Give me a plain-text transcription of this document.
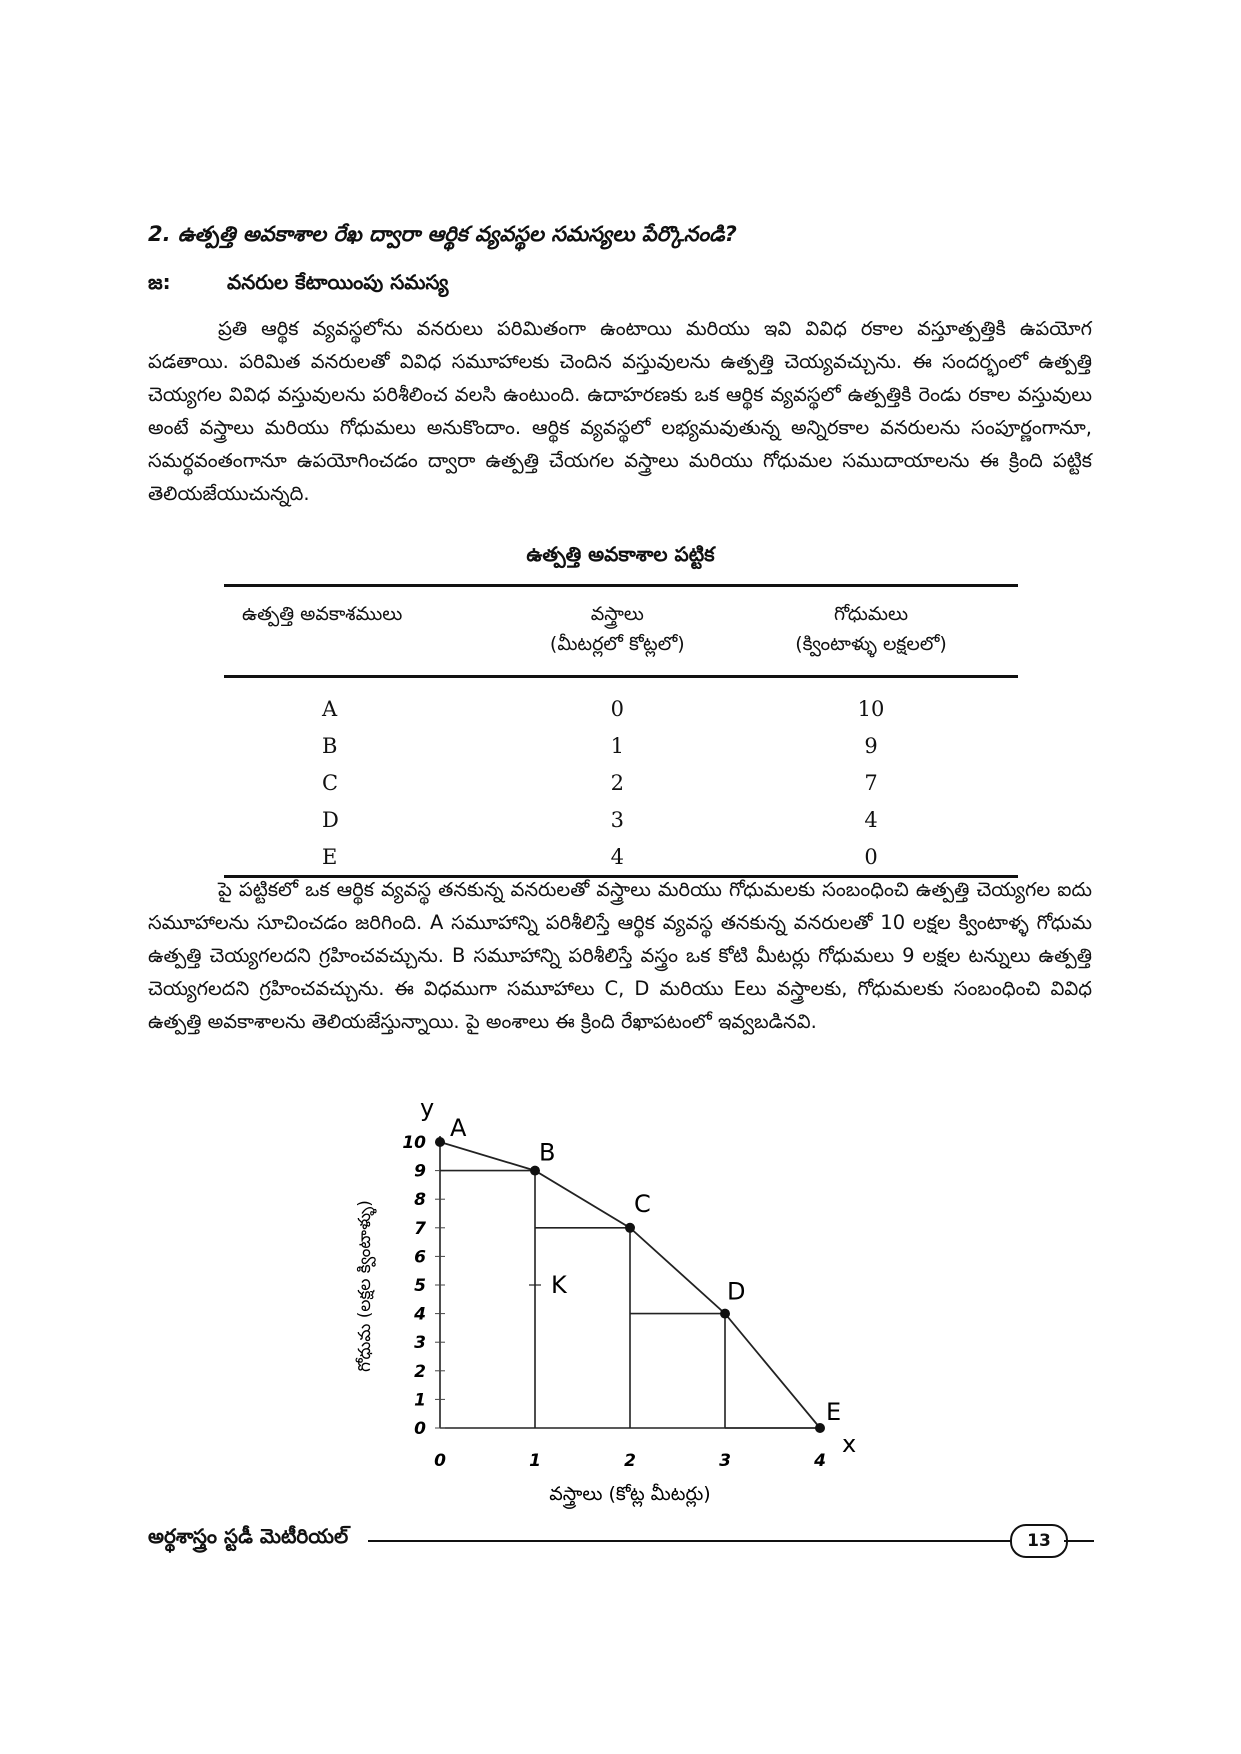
2. ఉత్పత్తి అవకాశాల రేఖ ద్వారా ఆర్థిక వ్యవస్థల సమస్యలు పేర్కొనండి?
జ:	వనరుల కేటాయింపు సమస్య

ప్రతి ఆర్థిక వ్యవస్థలోను వనరులు పరిమితంగా ఉంటాయి మరియు ఇవి వివిధ రకాల వస్తూత్పత్తికి ఉపయోగ పడతాయి. పరిమిత వనరులతో వివిధ సమూహాలకు చెందిన వస్తువులను ఉత్పత్తి చెయ్యవచ్చును. ఈ సందర్భంలో ఉత్పత్తి చెయ్యగల వివిధ వస్తువులను పరిశీలించ వలసి ఉంటుంది. ఉదాహరణకు ఒక ఆర్థిక వ్యవస్థలో ఉత్పత్తికి రెండు రకాల వస్తువులు అంటే వస్త్రాలు మరియు గోధుమలు అనుకొందాం. ఆర్థిక వ్యవస్థలో లభ్యమవుతున్న అన్నిరకాల వనరులను సంపూర్ణంగానూ, సమర్థవంతంగానూ ఉపయోగించడం ద్వారా ఉత్పత్తి చేయగల వస్త్రాలు మరియు గోధుమల సముదాయాలను ఈ క్రింది పట్టిక తెలియజేయుచున్నది.

ఉత్పత్తి అవకాశాల పట్టిక
ఉత్పత్తి అవకాశములు	వస్త్రాలు	గోధుమలు
	(మీటర్లలో కోట్లలో)	(క్వింటాళ్ళు లక్షలలో)
A	0	10
B	1	9
C	2	7
D	3	4
E	4	0

పై పట్టికలో ఒక ఆర్థిక వ్యవస్థ తనకున్న వనరులతో వస్త్రాలు మరియు గోధుమలకు సంబంధించి ఉత్పత్తి చెయ్యగల ఐదు సమూహాలను సూచించడం జరిగింది. A సమూహాన్ని పరిశీలిస్తే ఆర్థిక వ్యవస్థ తనకున్న వనరులతో 10 లక్షల క్వింటాళ్ళ గోధుమ ఉత్పత్తి చెయ్యగలదని గ్రహించవచ్చును. B సమూహాన్ని పరిశీలిస్తే వస్త్రం ఒక కోటి మీటర్లు గోధుమలు 9 లక్షల టన్నులు ఉత్పత్తి చెయ్యగలదని గ్రహించవచ్చును. ఈ విధముగా సమూహాలు C, D మరియు Eలు వస్త్రాలకు, గోధుమలకు సంబంధించి వివిధ ఉత్పత్తి అవకాశాలను తెలియజేస్తున్నాయి. పై అంశాలు ఈ క్రింది రేఖాపటంలో ఇవ్వబడినవి.

y
x
0
1
2
3
4
5
6
7
8
9
10
0	1	2	3	4
A
B
C
D
E
K
వస్త్రాలు (కోట్ల మీటర్లు)
గోధుమ (లక్షల క్వింటాళ్ళు)
అర్థశాస్త్రం స్టడీ మెటీరియల్	13
